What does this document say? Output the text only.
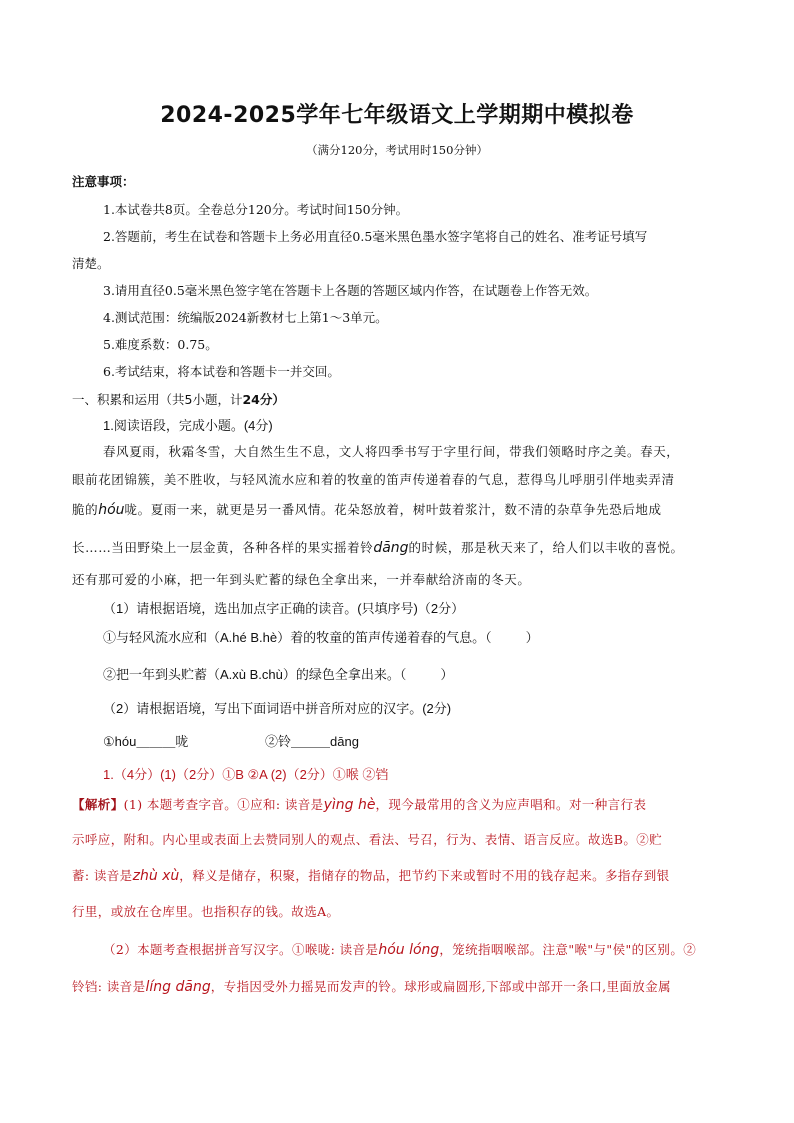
2024-2025学年七年级语文上学期期中模拟卷
（满分120分，考试用时150分钟）
注意事项：
1.本试卷共8页。全卷总分120分。考试时间150分钟。
2.答题前，考生在试卷和答题卡上务必用直径0.5毫米黑色墨水签字笔将自己的姓名、准考证号填写
清楚。
3.请用直径0.5毫米黑色签字笔在答题卡上各题的答题区域内作答，在试题卷上作答无效。
4.测试范围：统编版2024新教材七上第1～3单元。
5.难度系数：0.75。
6.考试结束，将本试卷和答题卡一并交回。
一、积累和运用（共5小题，计24分）
1.阅读语段，完成小题。(4分)
春风夏雨，秋霜冬雪，大自然生生不息，文人将四季书写于字里行间，带我们领略时序之美。春天，
眼前花团锦簇，美不胜收，与轻风流水应和着的牧童的笛声传递着春的气息，惹得鸟儿呼朋引伴地卖弄清
脆的hóu咙。夏雨一来，就更是另一番风情。花朵怒放着，树叶鼓着浆汁，数不清的杂草争先恐后地成
长……当田野染上一层金黄，各种各样的果实摇着铃dāng的时候，那是秋天来了，给人们以丰收的喜悦。
还有那可爱的小麻，把一年到头贮蓄的绿色全拿出来，一并奉献给济南的冬天。
（1）请根据语境，选出加点字正确的读音。(只填序号)（2分）
①与轻风流水应和（A.hé B.hè）着的牧童的笛声传递着春的气息。（	）
②把一年到头贮蓄（A.xù B.chù）的绿色全拿出来。（	）
（2）请根据语境，写出下面词语中拼音所对应的汉字。(2分)
①hóu＿＿＿咙	②铃＿＿＿dāng
1.（4分）(1)（2分）①B ②A (2)（2分）①喉 ②铛
【解析】(1) 本题考查字音。①应和: 读音是yìng hè，现今最常用的含义为应声唱和。对一种言行表
示呼应，附和。内心里或表面上去赞同别人的观点、看法、号召，行为、表情、语言反应。故选B。②贮
蓄: 读音是zhù xù，释义是储存，积聚，指储存的物品，把节约下来或暂时不用的钱存起来。多指存到银
行里，或放在仓库里。也指积存的钱。故选A。
（2）本题考查根据拼音写汉字。①喉咙: 读音是hóu lóng，笼统指咽喉部。注意"喉"与"侯"的区别。②
铃铛: 读音是líng dāng，专指因受外力摇晃而发声的铃。球形或扁圆形,下部或中部开一条口,里面放金属
